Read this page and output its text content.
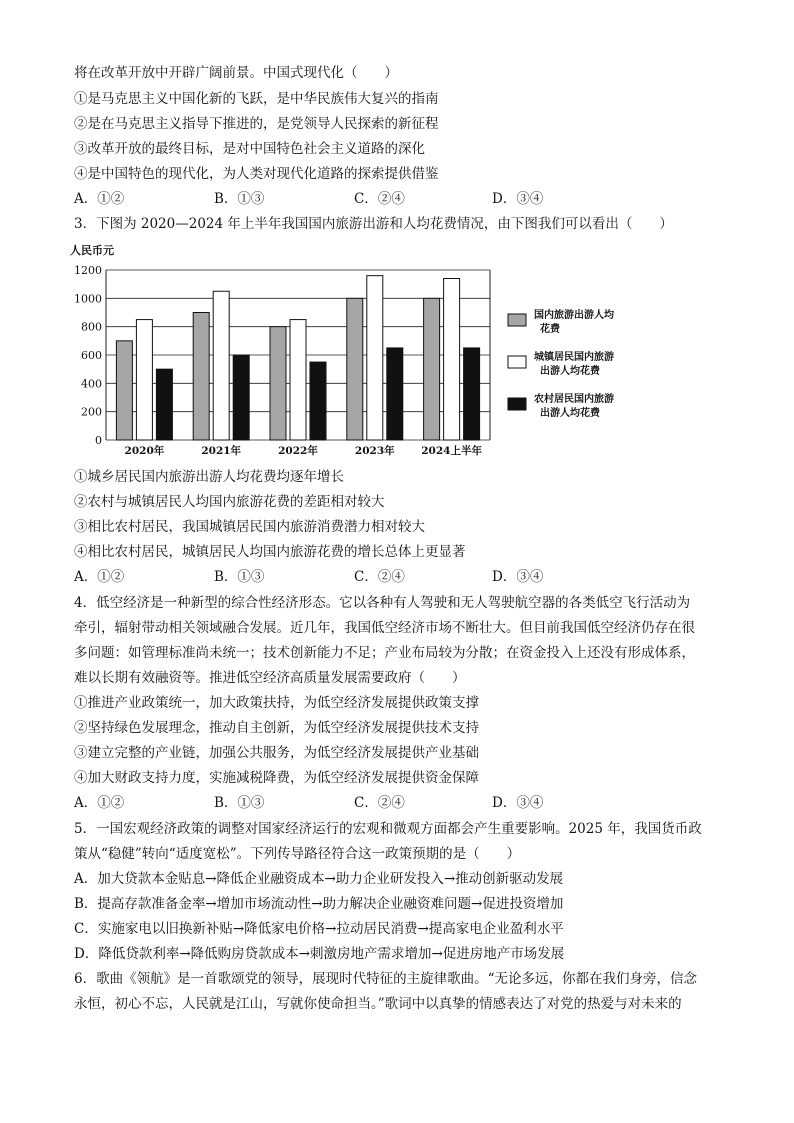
将在改革开放中开辟广阔前景。中国式现代化（　　）
①是马克思主义中国化新的飞跃，是中华民族伟大复兴的指南
②是在马克思主义指导下推进的，是党领导人民探索的新征程
③改革开放的最终目标，是对中国特色社会主义道路的深化
④是中国特色的现代化，为人类对现代化道路的探索提供借鉴
A．①②	B．①③	C．②④	D．③④
3．下图为 2020—2024 年上半年我国国内旅游出游和人均花费情况，由下图我们可以看出（　　）
人民币元
0
200
400
600
800
1000
1200
2020年	2021年	2022年	2023年	2024上半年
国内旅游出游人均花费
城镇居民国内旅游出游人均花费
农村居民国内旅游出游人均花费
①城乡居民国内旅游出游人均花费均逐年增长
②农村与城镇居民人均国内旅游花费的差距相对较大
③相比农村居民，我国城镇居民国内旅游消费潜力相对较大
④相比农村居民，城镇居民人均国内旅游花费的增长总体上更显著
A．①②	B．①③	C．②④	D．③④
4．低空经济是一种新型的综合性经济形态。它以各种有人驾驶和无人驾驶航空器的各类低空飞行活动为
牵引，辐射带动相关领域融合发展。近几年，我国低空经济市场不断壮大。但目前我国低空经济仍存在很
多问题：如管理标准尚未统一；技术创新能力不足；产业布局较为分散；在资金投入上还没有形成体系，
难以长期有效融资等。推进低空经济高质量发展需要政府（　　）
①推进产业政策统一，加大政策扶持，为低空经济发展提供政策支撑
②坚持绿色发展理念，推动自主创新，为低空经济发展提供技术支持
③建立完整的产业链，加强公共服务，为低空经济发展提供产业基础
④加大财政支持力度，实施减税降费，为低空经济发展提供资金保障
A．①②	B．①③	C．②④	D．③④
5．一国宏观经济政策的调整对国家经济运行的宏观和微观方面都会产生重要影响。2025 年，我国货币政
策从“稳健”转向“适度宽松”。下列传导路径符合这一政策预期的是（　　）
A．加大贷款本金贴息→降低企业融资成本→助力企业研发投入→推动创新驱动发展
B．提高存款准备金率→增加市场流动性→助力解决企业融资难问题→促进投资增加
C．实施家电以旧换新补贴→降低家电价格→拉动居民消费→提高家电企业盈利水平
D．降低贷款利率→降低购房贷款成本→刺激房地产需求增加→促进房地产市场发展
6．歌曲《领航》是一首歌颂党的领导，展现时代特征的主旋律歌曲。“无论多远，你都在我们身旁，信念
永恒，初心不忘，人民就是江山，写就你使命担当。”歌词中以真挚的情感表达了对党的热爱与对未来的
